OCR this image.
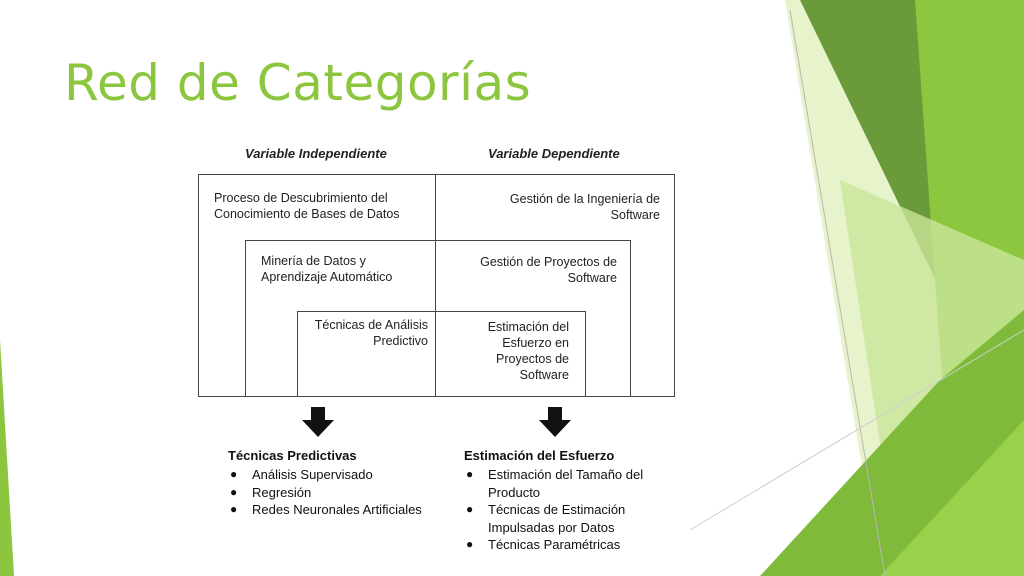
Red de Categorías
Variable Independiente	Variable Dependiente
Proceso de Descubrimiento del Conocimiento de Bases de Datos
Gestión de la Ingeniería de Software
Minería de Datos y Aprendizaje Automático
Gestión de Proyectos de Software
Técnicas de Análisis Predictivo
Estimación del Esfuerzo en Proyectos de Software
Técnicas Predictivas
● Análisis Supervisado
● Regresión
● Redes Neuronales Artificiales
Estimación del Esfuerzo
● Estimación del Tamaño del Producto
● Técnicas de Estimación Impulsadas por Datos
● Técnicas Paramétricas
